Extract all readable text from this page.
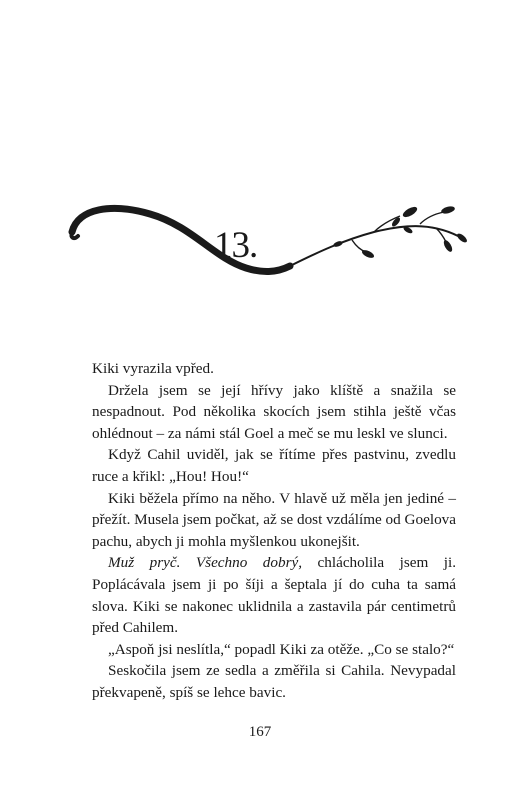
13.

Kiki vyrazila vpřed.

Držela jsem se její hřívy jako klíště a snažila se nespadnout. Pod několika skocích jsem stihla ještě včas ohlédnout – za námi stál Goel a meč se mu leskl ve slunci.

Když Cahil uviděl, jak se řítíme přes pastvinu, zvedlu ruce a křikl: „Hou! Hou!“

Kiki běžela přímo na něho. V hlavě už měla jen jediné – přežít. Musela jsem počkat, až se dost vzdálíme od Goelova pachu, abych ji mohla myšlenkou ukonejšit.

Muž pryč. Všechno dobrý, chlácholila jsem ji. Poplácávala jsem ji po šíji a šeptala jí do cuha ta samá slova. Kiki se nakonec uklidnila a zastavila pár centimetrů před Cahilem.

„Aspoň jsi neslítla,“ popadl Kiki za otěže. „Co se stalo?“

Seskočila jsem ze sedla a změřila si Cahila. Nevypadal překvapeně, spíš se lehce bavic.

167
